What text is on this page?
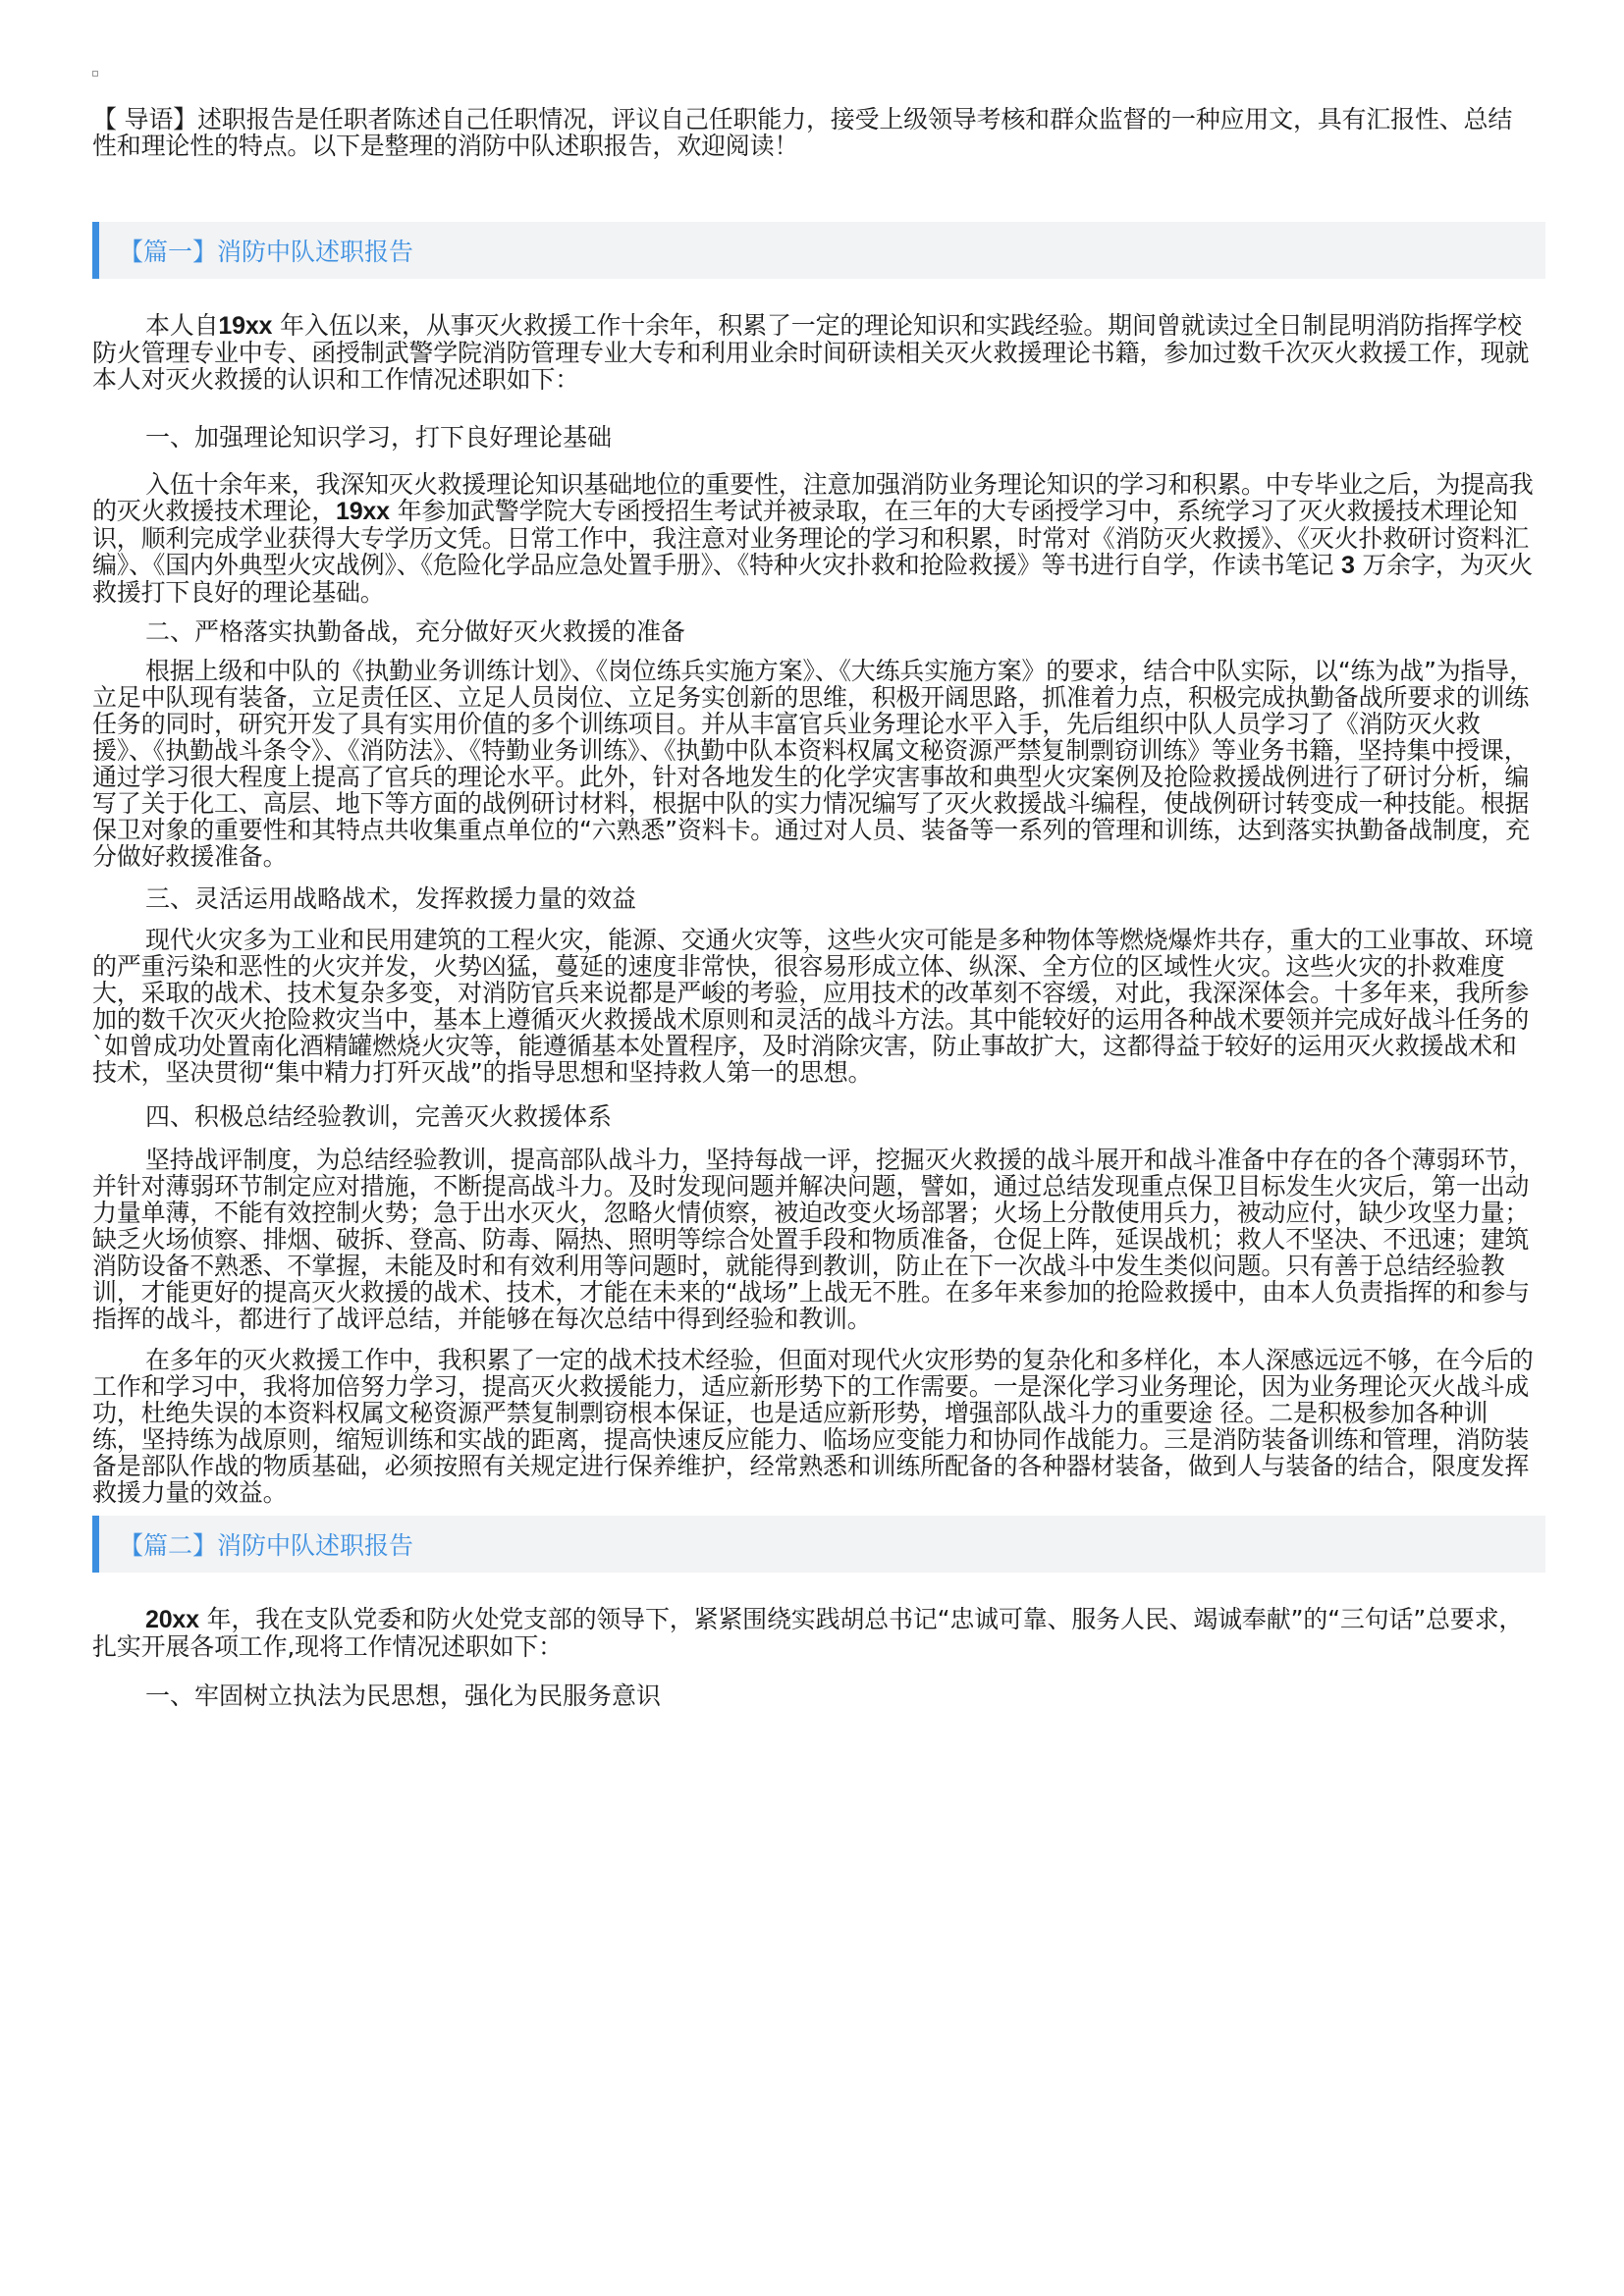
【 导语】述职报告是任职者陈述自己任职情况，评议自己任职能力，接受上级领导考核和群众监督的一种应用文，具有汇报性、总结性和理论性的特点。以下是整理的消防中队述职报告，欢迎阅读！
【篇一】消防中队述职报告
本人自19xx 年入伍以来，从事灭火救援工作十余年，积累了一定的理论知识和实践经验。期间曾就读过全日制昆明消防指挥学校防火管理专业中专、函授制武警学院消防管理专业大专和利用业余时间研读相关灭火救援理论书籍，参加过数千次灭火救援工作，现就本人对灭火救援的认识和工作情况述职如下：
一、加强理论知识学习，打下良好理论基础
入伍十余年来，我深知灭火救援理论知识基础地位的重要性，注意加强消防业务理论知识的学习和积累。中专毕业之后，为提高我的灭火救援技术理论，19xx 年参加武警学院大专函授招生考试并被录取，在三年的大专函授学习中，系统学习了灭火救援技术理论知识，顺利完成学业获得大专学历文凭。日常工作中，我注意对业务理论的学习和积累，时常对《消防灭火救援》、《灭火扑救研讨资料汇编》、《国内外典型火灾战例》、《危险化学品应急处置手册》、《特种火灾扑救和抢险救援》等书进行自学，作读书笔记 3 万余字，为灭火救援打下良好的理论基础。
二、严格落实执勤备战，充分做好灭火救援的准备
根据上级和中队的《执勤业务训练计划》、《岗位练兵实施方案》、《大练兵实施方案》的要求，结合中队实际，以“练为战”为指导，立足中队现有装备，立足责任区、立足人员岗位、立足务实创新的思维，积极开阔思路，抓准着力点，积极完成执勤备战所要求的训练任务的同时，研究开发了具有实用价值的多个训练项目。并从丰富官兵业务理论水平入手，先后组织中队人员学习了《消防灭火救援》、《执勤战斗条令》、《消防法》、《特勤业务训练》、《执勤中队本资料权属文秘资源严禁复制剽窃训练》等业务书籍，坚持集中授课，通过学习很大程度上提高了官兵的理论水平。此外，针对各地发生的化学灾害事故和典型火灾案例及抢险救援战例进行了研讨分析，编写了关于化工、高层、地下等方面的战例研讨材料，根据中队的实力情况编写了灭火救援战斗编程，使战例研讨转变成一种技能。根据保卫对象的重要性和其特点共收集重点单位的“六熟悉”资料卡。通过对人员、装备等一系列的管理和训练，达到落实执勤备战制度，充分做好救援准备。
三、灵活运用战略战术，发挥救援力量的效益
现代火灾多为工业和民用建筑的工程火灾，能源、交通火灾等，这些火灾可能是多种物体等燃烧爆炸共存，重大的工业事故、环境的严重污染和恶性的火灾并发，火势凶猛，蔓延的速度非常快，很容易形成立体、纵深、全方位的区域性火灾。这些火灾的扑救难度大，采取的战术、技术复杂多变，对消防官兵来说都是严峻的考验，应用技术的改革刻不容缓，对此，我深深体会。十多年来，我所参加的数千次灭火抢险救灾当中，基本上遵循灭火救援战术原则和灵活的战斗方法。其中能较好的运用各种战术要领并完成好战斗任务的`如曾成功处置南化酒精罐燃烧火灾等，能遵循基本处置程序，及时消除灾害，防止事故扩大，这都得益于较好的运用灭火救援战术和技术，坚决贯彻“集中精力打歼灭战”的指导思想和坚持救人第一的思想。
四、积极总结经验教训，完善灭火救援体系
坚持战评制度，为总结经验教训，提高部队战斗力，坚持每战一评，挖掘灭火救援的战斗展开和战斗准备中存在的各个薄弱环节，并针对薄弱环节制定应对措施，不断提高战斗力。及时发现问题并解决问题，譬如，通过总结发现重点保卫目标发生火灾后，第一出动力量单薄，不能有效控制火势；急于出水灭火，忽略火情侦察，被迫改变火场部署；火场上分散使用兵力，被动应付，缺少攻坚力量；缺乏火场侦察、排烟、破拆、登高、防毒、隔热、照明等综合处置手段和物质准备，仓促上阵，延误战机；救人不坚决、不迅速；建筑消防设备不熟悉、不掌握，未能及时和有效利用等问题时，就能得到教训，防止在下一次战斗中发生类似问题。只有善于总结经验教训，才能更好的提高灭火救援的战术、技术，才能在未来的“战场”上战无不胜。在多年来参加的抢险救援中，由本人负责指挥的和参与指挥的战斗，都进行了战评总结，并能够在每次总结中得到经验和教训。
在多年的灭火救援工作中，我积累了一定的战术技术经验，但面对现代火灾形势的复杂化和多样化，本人深感远远不够，在今后的工作和学习中，我将加倍努力学习，提高灭火救援能力，适应新形势下的工作需要。一是深化学习业务理论，因为业务理论灭火战斗成功，杜绝失误的本资料权属文秘资源严禁复制剽窃根本保证，也是适应新形势，增强部队战斗力的重要途 径。二是积极参加各种训练，坚持练为战原则，缩短训练和实战的距离，提高快速反应能力、临场应变能力和协同作战能力。三是消防装备训练和管理，消防装备是部队作战的物质基础，必须按照有关规定进行保养维护，经常熟悉和训练所配备的各种器材装备，做到人与装备的结合，限度发挥救援力量的效益。
【篇二】消防中队述职报告
20xx 年，我在支队党委和防火处党支部的领导下，紧紧围绕实践胡总书记“忠诚可靠、服务人民、竭诚奉献”的“三句话”总要求，扎实开展各项工作,现将工作情况述职如下：
一、牢固树立执法为民思想，强化为民服务意识
